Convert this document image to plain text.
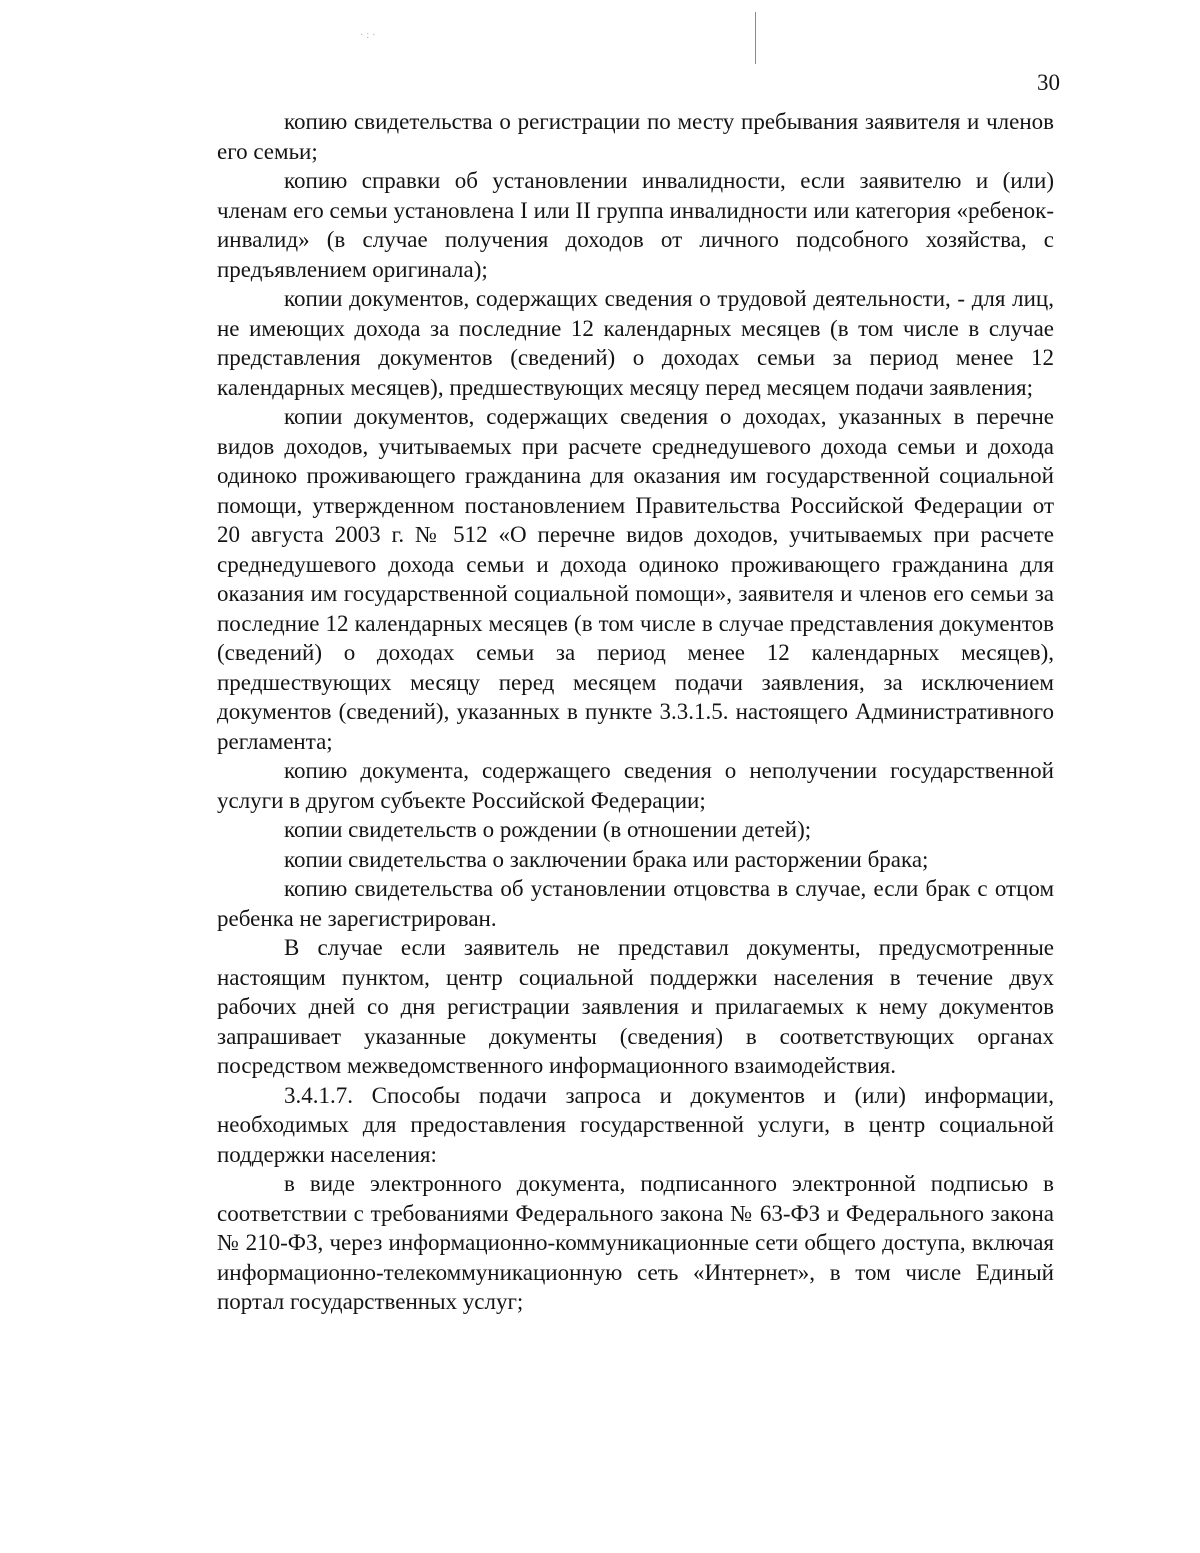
·:·
30

копию свидетельства о регистрации по месту пребывания заявителя и членов его семьи;

копию справки об установлении инвалидности, если заявителю и (или) членам его семьи установлена I или II группа инвалидности или категория «ребенок-инвалид» (в случае получения доходов от личного подсобного хозяйства, с предъявлением оригинала);

копии документов, содержащих сведения о трудовой деятельности, - для лиц, не имеющих дохода за последние 12 календарных месяцев (в том числе в случае представления документов (сведений) о доходах семьи за период менее 12 календарных месяцев), предшествующих месяцу перед месяцем подачи заявления;

копии документов, содержащих сведения о доходах, указанных в перечне видов доходов, учитываемых при расчете среднедушевого дохода семьи и дохода одиноко проживающего гражданина для оказания им государственной социальной помощи, утвержденном постановлением Правительства Российской Федерации от 20 августа 2003 г. № 512 «О перечне видов доходов, учитываемых при расчете среднедушевого дохода семьи и дохода одиноко проживающего гражданина для оказания им государственной социальной помощи», заявителя и членов его семьи за последние 12 календарных месяцев (в том числе в случае представления документов (сведений) о доходах семьи за период менее 12 календарных месяцев), предшествующих месяцу перед месяцем подачи заявления, за исключением документов (сведений), указанных в пункте 3.3.1.5. настоящего Административного регламента;

копию документа, содержащего сведения о неполучении государственной услуги в другом субъекте Российской Федерации;

копии свидетельств о рождении (в отношении детей);

копии свидетельства о заключении брака или расторжении брака;

копию свидетельства об установлении отцовства в случае, если брак с отцом ребенка не зарегистрирован.

В случае если заявитель не представил документы, предусмотренные настоящим пунктом, центр социальной поддержки населения в течение двух рабочих дней со дня регистрации заявления и прилагаемых к нему документов запрашивает указанные документы (сведения) в соответствующих органах посредством межведомственного информационного взаимодействия.

3.4.1.7. Способы подачи запроса и документов и (или) информации, необходимых для предоставления государственной услуги, в центр социальной поддержки населения:

в виде электронного документа, подписанного электронной подписью в соответствии с требованиями Федерального закона № 63-ФЗ и Федерального закона № 210-ФЗ, через информационно-коммуникационные сети общего доступа, включая информационно-телекоммуникационную сеть «Интернет», в том числе Единый портал государственных услуг;
